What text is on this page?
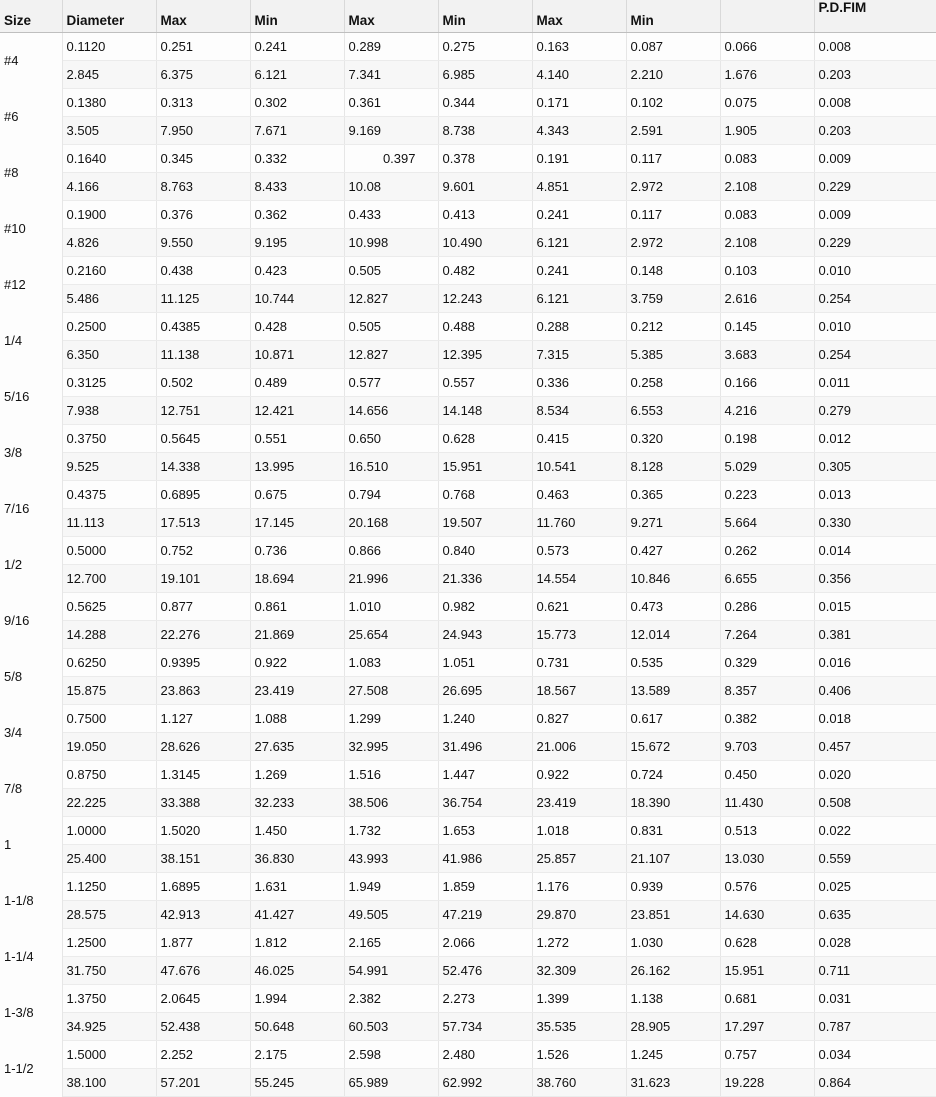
Size	Diameter	Max	Min	Max	Min	Max	Min		P.D.FIM
#4	0.1120	0.251	0.241	0.289	0.275	0.163	0.087	0.066	0.008
	2.845	6.375	6.121	7.341	6.985	4.140	2.210	1.676	0.203
#6	0.1380	0.313	0.302	0.361	0.344	0.171	0.102	0.075	0.008
	3.505	7.950	7.671	9.169	8.738	4.343	2.591	1.905	0.203
#8	0.1640	0.345	0.332	0.397	0.378	0.191	0.117	0.083	0.009
	4.166	8.763	8.433	10.08	9.601	4.851	2.972	2.108	0.229
#10	0.1900	0.376	0.362	0.433	0.413	0.241	0.117	0.083	0.009
	4.826	9.550	9.195	10.998	10.490	6.121	2.972	2.108	0.229
#12	0.2160	0.438	0.423	0.505	0.482	0.241	0.148	0.103	0.010
	5.486	11.125	10.744	12.827	12.243	6.121	3.759	2.616	0.254
1/4	0.2500	0.4385	0.428	0.505	0.488	0.288	0.212	0.145	0.010
	6.350	11.138	10.871	12.827	12.395	7.315	5.385	3.683	0.254
5/16	0.3125	0.502	0.489	0.577	0.557	0.336	0.258	0.166	0.011
	7.938	12.751	12.421	14.656	14.148	8.534	6.553	4.216	0.279
3/8	0.3750	0.5645	0.551	0.650	0.628	0.415	0.320	0.198	0.012
	9.525	14.338	13.995	16.510	15.951	10.541	8.128	5.029	0.305
7/16	0.4375	0.6895	0.675	0.794	0.768	0.463	0.365	0.223	0.013
	11.113	17.513	17.145	20.168	19.507	11.760	9.271	5.664	0.330
1/2	0.5000	0.752	0.736	0.866	0.840	0.573	0.427	0.262	0.014
	12.700	19.101	18.694	21.996	21.336	14.554	10.846	6.655	0.356
9/16	0.5625	0.877	0.861	1.010	0.982	0.621	0.473	0.286	0.015
	14.288	22.276	21.869	25.654	24.943	15.773	12.014	7.264	0.381
5/8	0.6250	0.9395	0.922	1.083	1.051	0.731	0.535	0.329	0.016
	15.875	23.863	23.419	27.508	26.695	18.567	13.589	8.357	0.406
3/4	0.7500	1.127	1.088	1.299	1.240	0.827	0.617	0.382	0.018
	19.050	28.626	27.635	32.995	31.496	21.006	15.672	9.703	0.457
7/8	0.8750	1.3145	1.269	1.516	1.447	0.922	0.724	0.450	0.020
	22.225	33.388	32.233	38.506	36.754	23.419	18.390	11.430	0.508
1	1.0000	1.5020	1.450	1.732	1.653	1.018	0.831	0.513	0.022
	25.400	38.151	36.830	43.993	41.986	25.857	21.107	13.030	0.559
1-1/8	1.1250	1.6895	1.631	1.949	1.859	1.176	0.939	0.576	0.025
	28.575	42.913	41.427	49.505	47.219	29.870	23.851	14.630	0.635
1-1/4	1.2500	1.877	1.812	2.165	2.066	1.272	1.030	0.628	0.028
	31.750	47.676	46.025	54.991	52.476	32.309	26.162	15.951	0.711
1-3/8	1.3750	2.0645	1.994	2.382	2.273	1.399	1.138	0.681	0.031
	34.925	52.438	50.648	60.503	57.734	35.535	28.905	17.297	0.787
1-1/2	1.5000	2.252	2.175	2.598	2.480	1.526	1.245	0.757	0.034
	38.100	57.201	55.245	65.989	62.992	38.760	31.623	19.228	0.864
